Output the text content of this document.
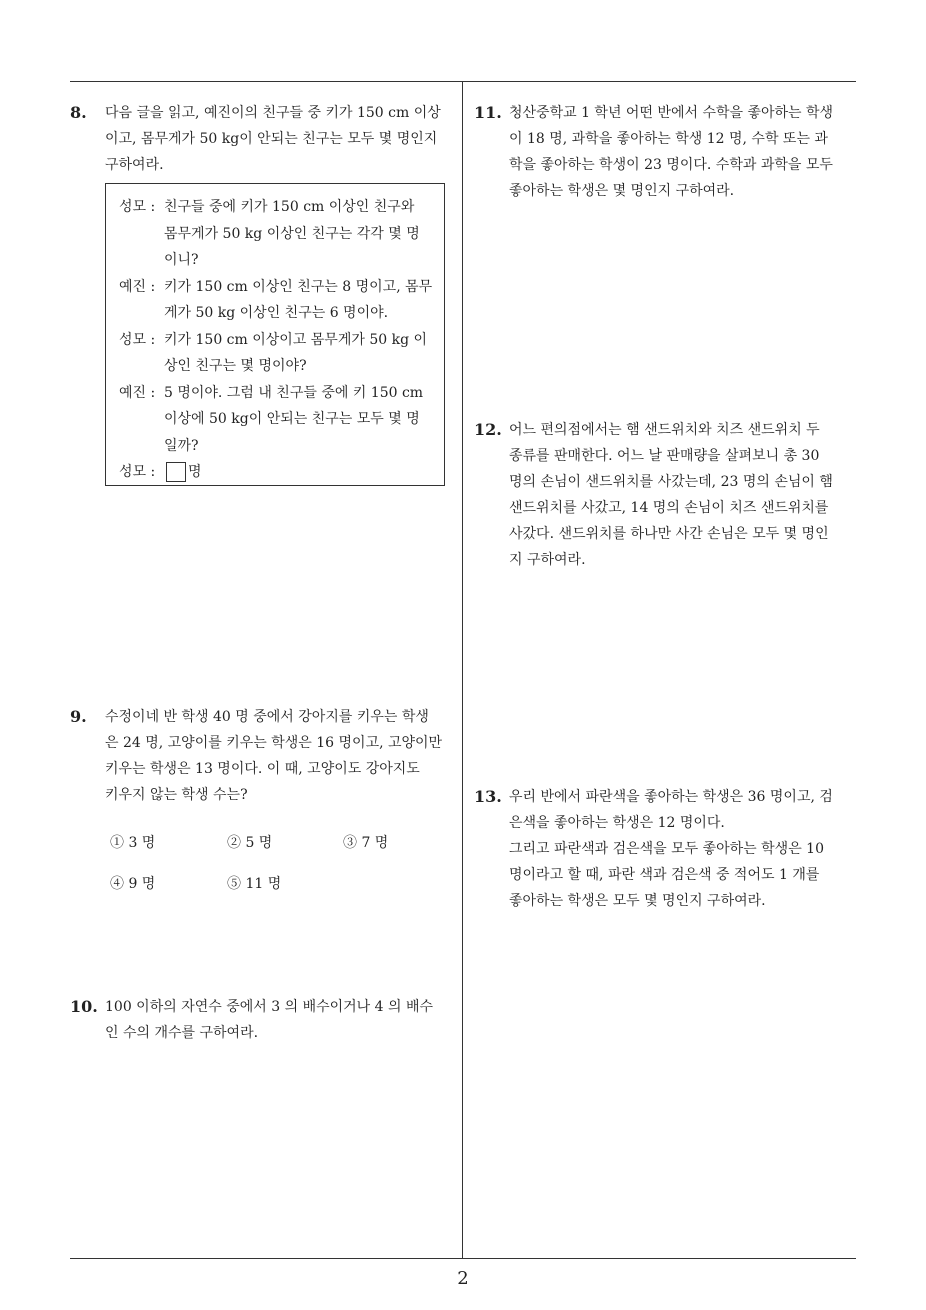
8. 다음 글을 읽고, 예진이의 친구들 중 키가 150 cm 이상
이고, 몸무게가 50 kg이 안되는 친구는 모두 몇 명인지
구하여라.
성모 : 친구들 중에 키가 150 cm 이상인 친구와
몸무게가 50 kg 이상인 친구는 각각 몇 명
이니?
예진 : 키가 150 cm 이상인 친구는 8 명이고, 몸무
게가 50 kg 이상인 친구는 6 명이야.
성모 : 키가 150 cm 이상이고 몸무게가 50 kg 이
상인 친구는 몇 명이야?
예진 : 5 명이야. 그럼 내 친구들 중에 키 150 cm
이상에 50 kg이 안되는 친구는 모두 몇 명
일까?
성모 :	명
9. 수정이네 반 학생 40 명 중에서 강아지를 키우는 학생
은 24 명, 고양이를 키우는 학생은 16 명이고, 고양이만
키우는 학생은 13 명이다. 이 때, 고양이도 강아지도
키우지 않는 학생 수는?
① 3 명	② 5 명	③ 7 명
④ 9 명	⑤ 11 명
10. 100 이하의 자연수 중에서 3 의 배수이거나 4 의 배수
인 수의 개수를 구하여라.
11. 청산중학교 1 학년 어떤 반에서 수학을 좋아하는 학생
이 18 명, 과학을 좋아하는 학생 12 명, 수학 또는 과
학을 좋아하는 학생이 23 명이다. 수학과 과학을 모두
좋아하는 학생은 몇 명인지 구하여라.
12. 어느 편의점에서는 햄 샌드위치와 치즈 샌드위치 두
종류를 판매한다. 어느 날 판매량을 살펴보니 총 30
명의 손님이 샌드위치를 사갔는데, 23 명의 손님이 햄
샌드위치를 사갔고, 14 명의 손님이 치즈 샌드위치를
사갔다. 샌드위치를 하나만 사간 손님은 모두 몇 명인
지 구하여라.
13. 우리 반에서 파란색을 좋아하는 학생은 36 명이고, 검
은색을 좋아하는 학생은 12 명이다.
그리고 파란색과 검은색을 모두 좋아하는 학생은 10
명이라고 할 때, 파란 색과 검은색 중 적어도 1 개를
좋아하는 학생은 모두 몇 명인지 구하여라.
2
